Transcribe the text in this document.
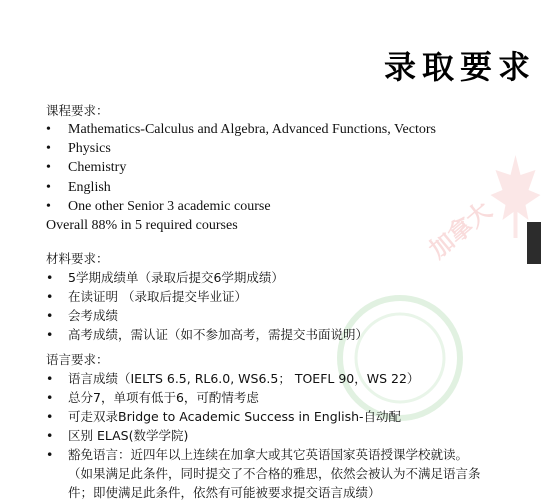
录取要求
加拿大
课程要求：
• Mathematics-Calculus and Algebra, Advanced Functions, Vectors
• Physics
• Chemistry
• English
• One other Senior 3 academic course
Overall 88% in 5 required courses
材料要求：
• 5学期成绩单（录取后提交6学期成绩）
• 在读证明 （录取后提交毕业证）
• 会考成绩
• 高考成绩，需认证（如不参加高考，需提交书面说明）
语言要求：
• 语言成绩（IELTS 6.5, RL6.0, WS6.5； TOEFL 90，WS 22）
• 总分7，单项有低于6，可酌情考虑
• 可走双录Bridge to Academic Success in English-自动配
• 区别 ELAS(数学学院)
• 豁免语言：近四年以上连续在加拿大或其它英语国家英语授课学校就读。（如果满足此条件，同时提交了不合格的雅思，依然会被认为不满足语言条件；即使满足此条件，依然有可能被要求提交语言成绩）
